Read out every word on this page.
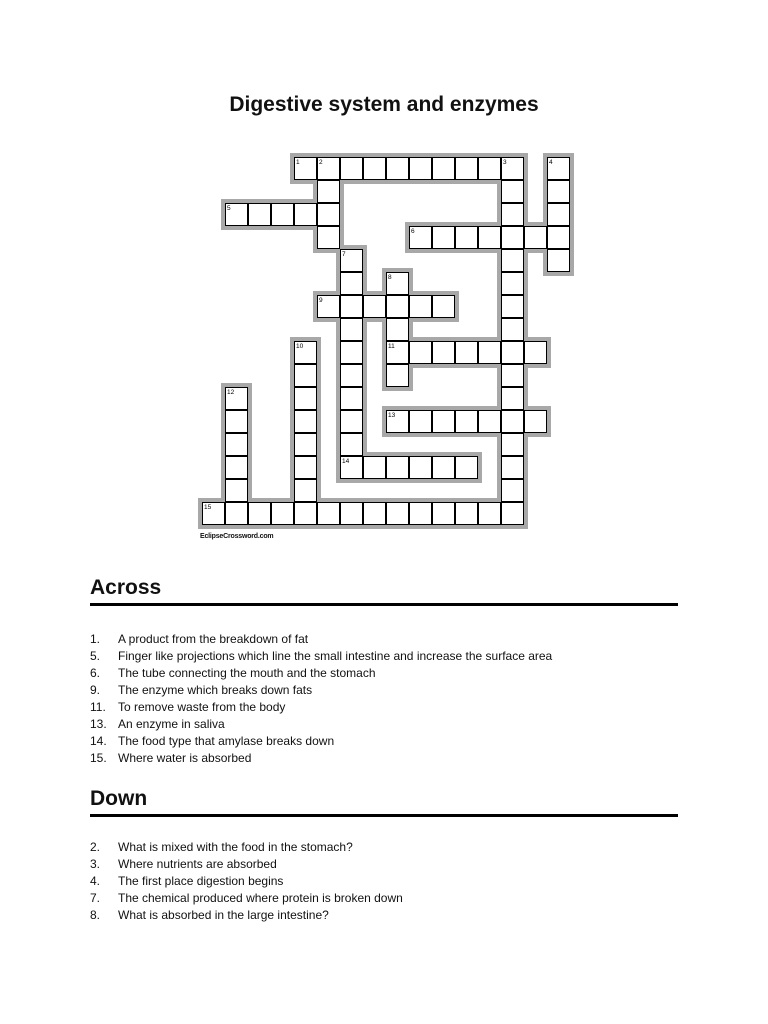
Digestive system and enzymes
1	2	3	4
5
6
7
8
9
10	11
12
13
14
15
EclipseCrossword.com
Across
1. A product from the breakdown of fat
5. Finger like projections which line the small intestine and increase the surface area
6. The tube connecting the mouth and the stomach
9. The enzyme which breaks down fats
11. To remove waste from the body
13. An enzyme in saliva
14. The food type that amylase breaks down
15. Where water is absorbed
Down
2. What is mixed with the food in the stomach?
3. Where nutrients are absorbed
4. The first place digestion begins
7. The chemical produced where protein is broken down
8. What is absorbed in the large intestine?
